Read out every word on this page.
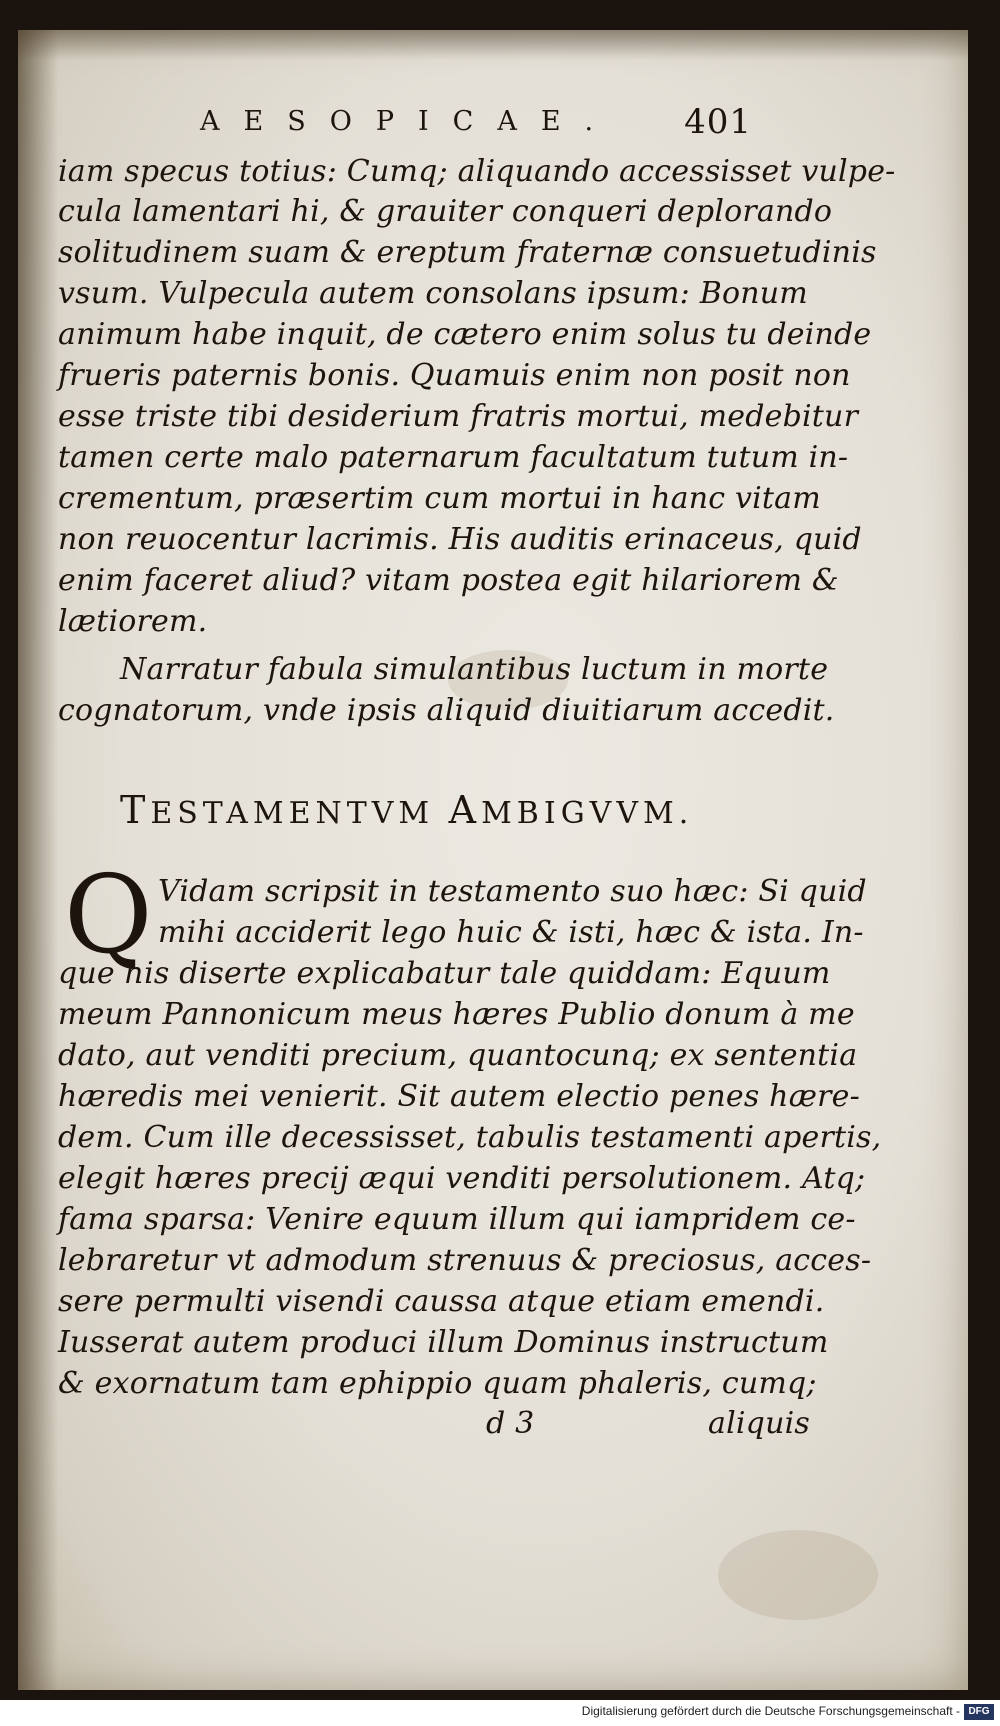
AESOPICAE. 401
iam specus totius: Cumq; aliquando accessisset vulpe-
cula lamentari hi, & grauiter conqueri deplorando
solitudinem suam & ereptum fraternæ consuetudinis
vsum. Vulpecula autem consolans ipsum: Bonum
animum habe inquit, de cætero enim solus tu deinde
frueris paternis bonis. Quamuis enim non posit non
esse triste tibi desiderium fratris mortui, medebitur
tamen certe malo paternarum facultatum tutum in-
crementum, præsertim cum mortui in hanc vitam
non reuocentur lacrimis. His auditis erinaceus, quid
enim faceret aliud? vitam postea egit hilariorem &
lætiorem.
Narratur fabula simulantibus luctum in morte
cognatorum, vnde ipsis aliquid diuitiarum accedit.
TESTAMENTVM AMBIGVVM.
Q Vidam scripsit in testamento suo hæc: Si quid
mihi acciderit lego huic & isti, hæc & ista. In-
que his diserte explicabatur tale quiddam: Equum
meum Pannonicum meus hæres Publio donum à me
dato, aut venditi precium, quantocunq; ex sententia
hæredis mei venierit. Sit autem electio penes hære-
dem. Cum ille decessisset, tabulis testamenti apertis,
elegit hæres precij æqui venditi persolutionem. Atq;
fama sparsa: Venire equum illum qui iampridem ce-
lebraretur vt admodum strenuus & preciosus, acces-
sere permulti visendi caussa atque etiam emendi.
Iusserat autem produci illum Dominus instructum
& exornatum tam ephippio quam phaleris, cumq;
d 3	aliquis
Digitalisierung gefördert durch die Deutsche Forschungsgemeinschaft - DFG
